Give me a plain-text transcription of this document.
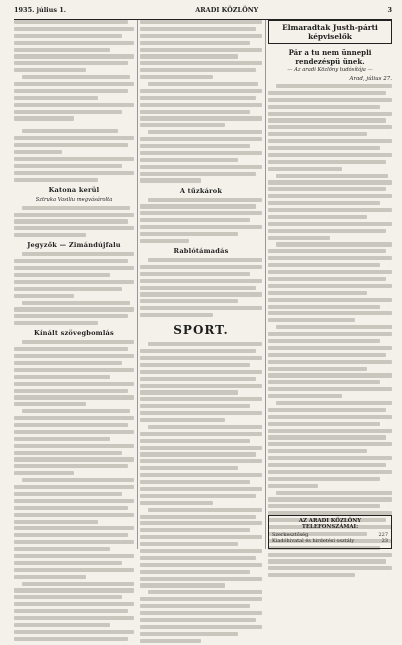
1935. július 1.	ARADI KÖZLÖNY	3
Katona kerül
Sztruka Vasiliu megvásárolta
Jegyzők — Zimándújfalu
Kínált szövegbomlás
A tűzkárok
Rablótámadás
SPORT.
Elmaradtak Justh-párti képviselők
Pár a tu nem ünnepli rendezéspü ünek.
— Az aradi Közlöny tudósítója —
Arad, július 27.
AZ ARADI KÖZLÖNY TELEFONSZÁMAI:
Szerkesztőség	227
Kiadóhivatal és hirdetési osztály	23
